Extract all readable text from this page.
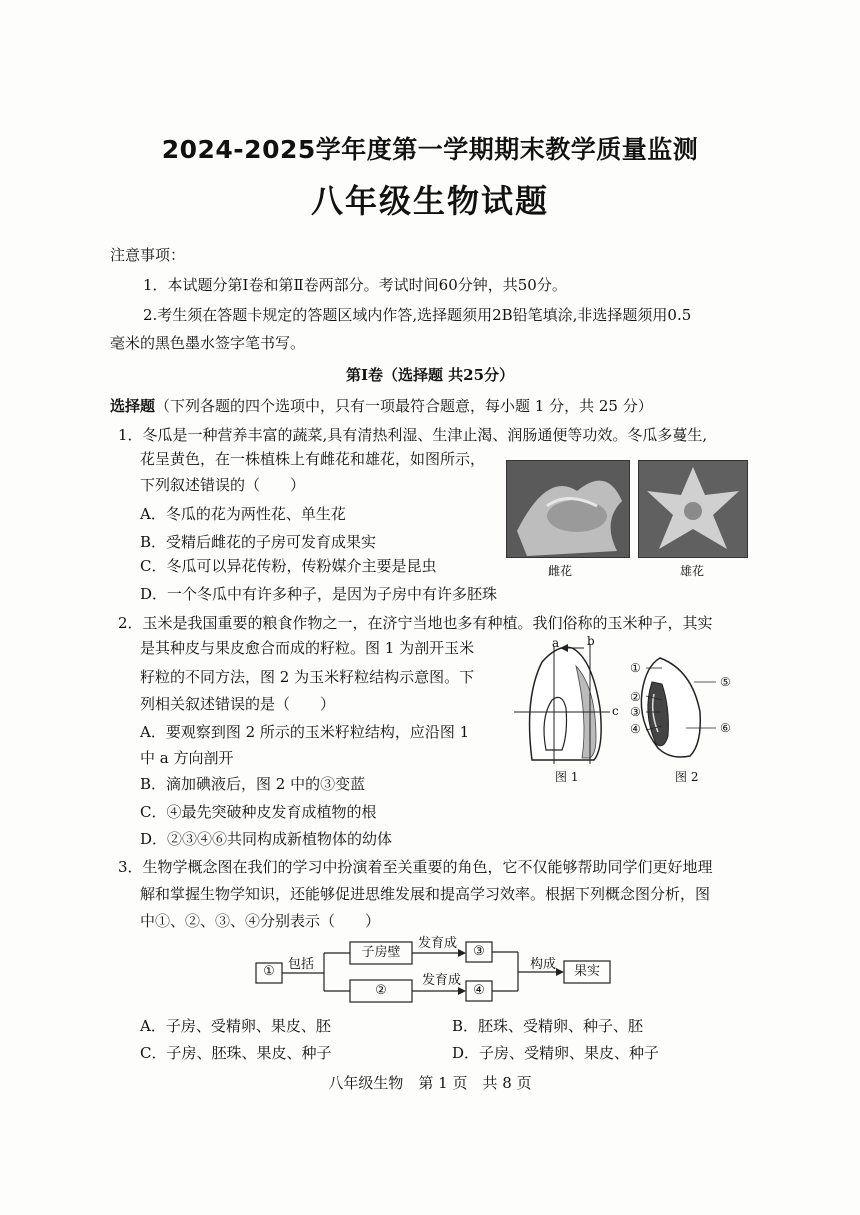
2024-2025学年度第一学期期末教学质量监测
八年级生物试题
注意事项：
1．本试题分第Ⅰ卷和第Ⅱ卷两部分。考试时间60分钟，共50分。
2.考生须在答题卡规定的答题区域内作答,选择题须用2B铅笔填涂,非选择题须用0.5
毫米的黑色墨水签字笔书写。
第Ⅰ卷（选择题 共25分）
选择题（下列各题的四个选项中，只有一项最符合题意，每小题 1 分，共 25 分）
1．冬瓜是一种营养丰富的蔬菜,具有清热利湿、生津止渴、润肠通便等功效。冬瓜多蔓生,
花呈黄色，在一株植株上有雌花和雄花，如图所示，
下列叙述错误的（　　）
A．冬瓜的花为两性花、单生花
B．受精后雌花的子房可发育成果实
C．冬瓜可以异花传粉，传粉媒介主要是昆虫
D．一个冬瓜中有许多种子，是因为子房中有许多胚珠
雌花	雄花
2．玉米是我国重要的粮食作物之一，在济宁当地也多有种植。我们俗称的玉米种子，其实
是其种皮与果皮愈合而成的籽粒。图 1 为剖开玉米
籽粒的不同方法，图 2 为玉米籽粒结构示意图。下
列相关叙述错误的是（　　）
A．要观察到图 2 所示的玉米籽粒结构，应沿图 1
中 a 方向剖开
B．滴加碘液后，图 2 中的③变蓝
C．④最先突破种皮发育成植物的根
D．②③④⑥共同构成新植物体的幼体
a b
c
图 1
①
②
③
④
⑤
⑥
图 2
3．生物学概念图在我们的学习中扮演着至关重要的角色，它不仅能够帮助同学们更好地理
解和掌握生物学知识，还能够促进思维发展和提高学习效率。根据下列概念图分析，图
中①、②、③、④分别表示（　　）
①	包括
子房壁
②
发育成
发育成
③
④
构成	果实
A．子房、受精卵、果皮、胚	B．胚珠、受精卵、种子、胚
C．子房、胚珠、果皮、种子	D．子房、受精卵、果皮、种子
八年级生物　第 1 页　共 8 页
